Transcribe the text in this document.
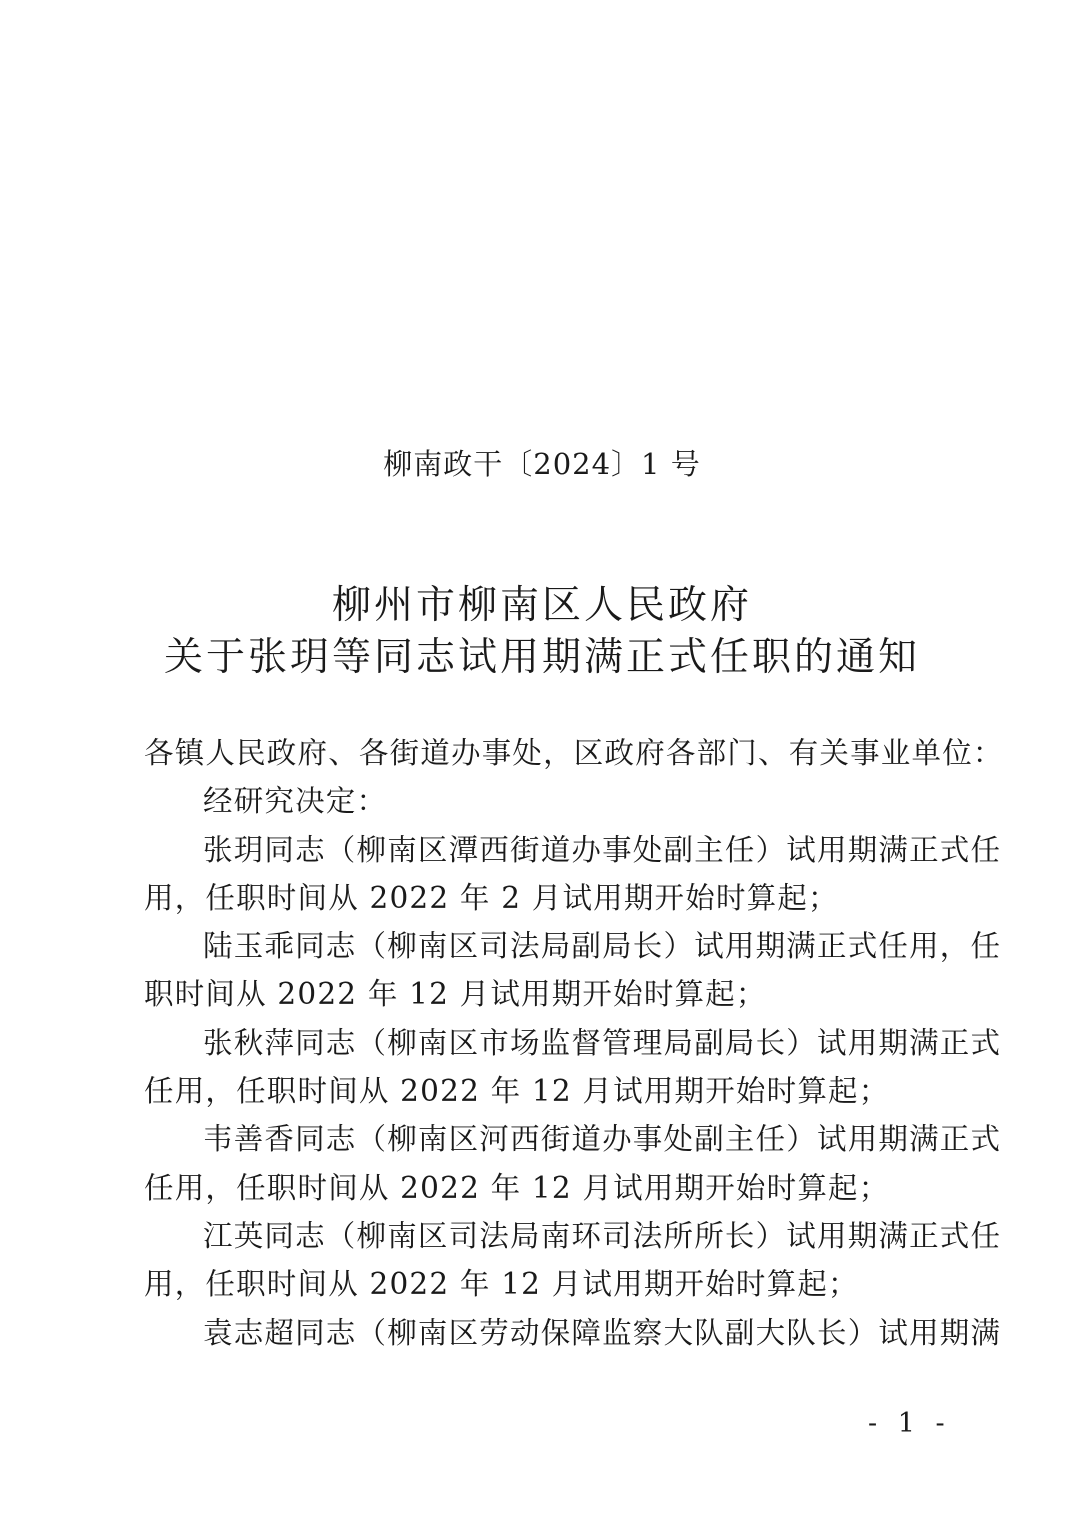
柳南政干〔2024〕1 号
柳州市柳南区人民政府
关于张玥等同志试用期满正式任职的通知
各镇人民政府、各街道办事处，区政府各部门、有关事业单位：
经研究决定：
张玥同志（柳南区潭西街道办事处副主任）试用期满正式任
用，任职时间从 2022 年 2 月试用期开始时算起；
陆玉乖同志（柳南区司法局副局长）试用期满正式任用，任
职时间从 2022 年 12 月试用期开始时算起；
张秋萍同志（柳南区市场监督管理局副局长）试用期满正式
任用，任职时间从 2022 年 12 月试用期开始时算起；
韦善香同志（柳南区河西街道办事处副主任）试用期满正式
任用，任职时间从 2022 年 12 月试用期开始时算起；
江英同志（柳南区司法局南环司法所所长）试用期满正式任
用，任职时间从 2022 年 12 月试用期开始时算起；
袁志超同志（柳南区劳动保障监察大队副大队长）试用期满
- 1 -
